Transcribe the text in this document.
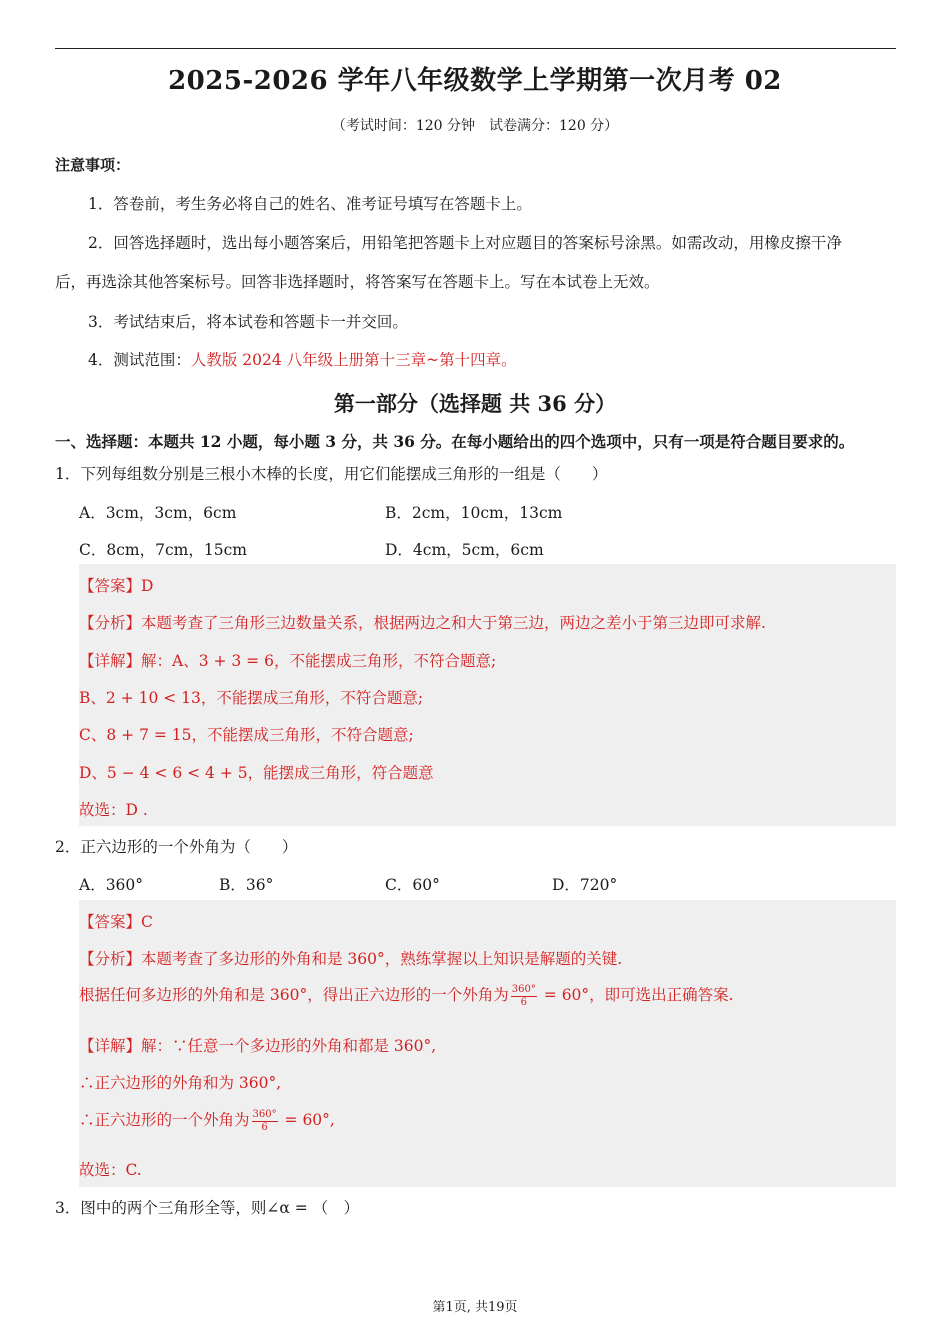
2025-2026 学年八年级数学上学期第一次月考 02
（考试时间：120 分钟　试卷满分：120 分）
注意事项：
1．答卷前，考生务必将自己的姓名、准考证号填写在答题卡上。
2．回答选择题时，选出每小题答案后，用铅笔把答题卡上对应题目的答案标号涂黑。如需改动，用橡皮擦干净
后，再选涂其他答案标号。回答非选择题时，将答案写在答题卡上。写在本试卷上无效。
3．考试结束后，将本试卷和答题卡一并交回。
4．测试范围：人教版 2024 八年级上册第十三章~第十四章。
第一部分（选择题 共 36 分）
一、选择题：本题共 12 小题，每小题 3 分，共 36 分。在每小题给出的四个选项中，只有一项是符合题目要求的。
1．下列每组数分别是三根小木棒的长度，用它们能摆成三角形的一组是（　　）
A．3cm，3cm，6cm	B．2cm，10cm，13cm
C．8cm，7cm，15cm	D．4cm，5cm，6cm
【答案】D
【分析】本题考查了三角形三边数量关系，根据两边之和大于第三边，两边之差小于第三边即可求解.
【详解】解：A、3 + 3 = 6，不能摆成三角形，不符合题意;
B、2 + 10 < 13，不能摆成三角形，不符合题意;
C、8 + 7 = 15，不能摆成三角形，不符合题意;
D、5 − 4 < 6 < 4 + 5，能摆成三角形，符合题意
故选：D .
2．正六边形的一个外角为（　　）
A．360°	B．36°	C．60°	D．720°
【答案】C
【分析】本题考查了多边形的外角和是 360°，熟练掌握以上知识是解题的关键.
根据任何多边形的外角和是 360°，得出正六边形的一个外角为 $\frac{360^\circ}{6} = 60^\circ$，即可选出正确答案.
【详解】解：∵任意一个多边形的外角和都是 360°,
∴正六边形的外角和为 360°,
∴正六边形的一个外角为 $\frac{360^\circ}{6} = 60^\circ$,
故选：C.
3．图中的两个三角形全等，则∠α = （　）
第1页, 共19页
